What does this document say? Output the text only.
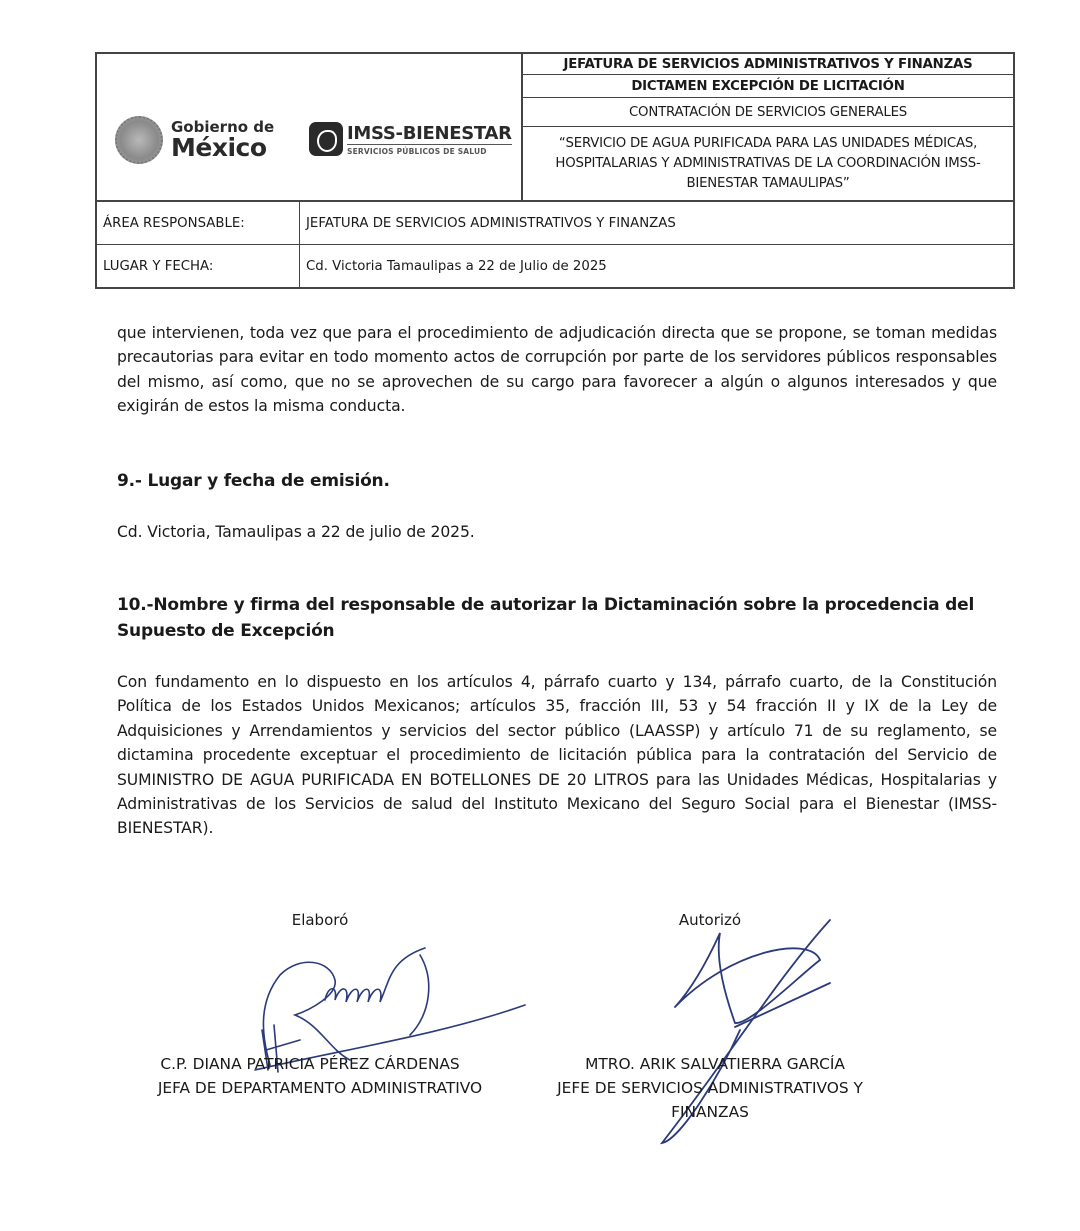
Gobierno de
México	IMSS-BIENESTAR
SERVICIOS PÚBLICOS DE SALUD
JEFATURA DE SERVICIOS ADMINISTRATIVOS Y FINANZAS
DICTAMEN EXCEPCIÓN DE LICITACIÓN
CONTRATACIÓN DE SERVICIOS GENERALES
“SERVICIO DE AGUA PURIFICADA PARA LAS UNIDADES MÉDICAS, HOSPITALARIAS Y ADMINISTRATIVAS DE LA COORDINACIÓN IMSS-BIENESTAR TAMAULIPAS”
ÁREA RESPONSABLE:	JEFATURA DE SERVICIOS ADMINISTRATIVOS Y FINANZAS
LUGAR Y FECHA:	Cd. Victoria Tamaulipas a 22 de Julio de 2025
que intervienen, toda vez que para el procedimiento de adjudicación directa que se propone, se toman medidas precautorias para evitar en todo momento actos de corrupción por parte de los servidores públicos responsables del mismo, así como, que no se aprovechen de su cargo para favorecer a algún o algunos interesados y que exigirán de estos la misma conducta.
9.- Lugar y fecha de emisión.
Cd. Victoria, Tamaulipas a 22 de julio de 2025.
10.-Nombre y firma del responsable de autorizar la Dictaminación sobre la procedencia del Supuesto de Excepción
Con fundamento en lo dispuesto en los artículos 4, párrafo cuarto y 134, párrafo cuarto, de la Constitución Política de los Estados Unidos Mexicanos; artículos 35, fracción III, 53 y 54 fracción II y IX de la Ley de Adquisiciones y Arrendamientos y servicios del sector público (LAASSP) y artículo 71 de su reglamento, se dictamina procedente exceptuar el procedimiento de licitación pública para la contratación del Servicio de SUMINISTRO DE AGUA PURIFICADA EN BOTELLONES DE 20 LITROS para las Unidades Médicas, Hospitalarias y Administrativas de los Servicios de salud del Instituto Mexicano del Seguro Social para el Bienestar (IMSS-BIENESTAR).
Elaboró
C.P. DIANA PATRICIA PÉREZ CÁRDENAS
JEFA DE DEPARTAMENTO ADMINISTRATIVO
Autorizó
MTRO. ARIK SALVATIERRA GARCÍA
JEFE DE SERVICIOS ADMINISTRATIVOS Y FINANZAS
